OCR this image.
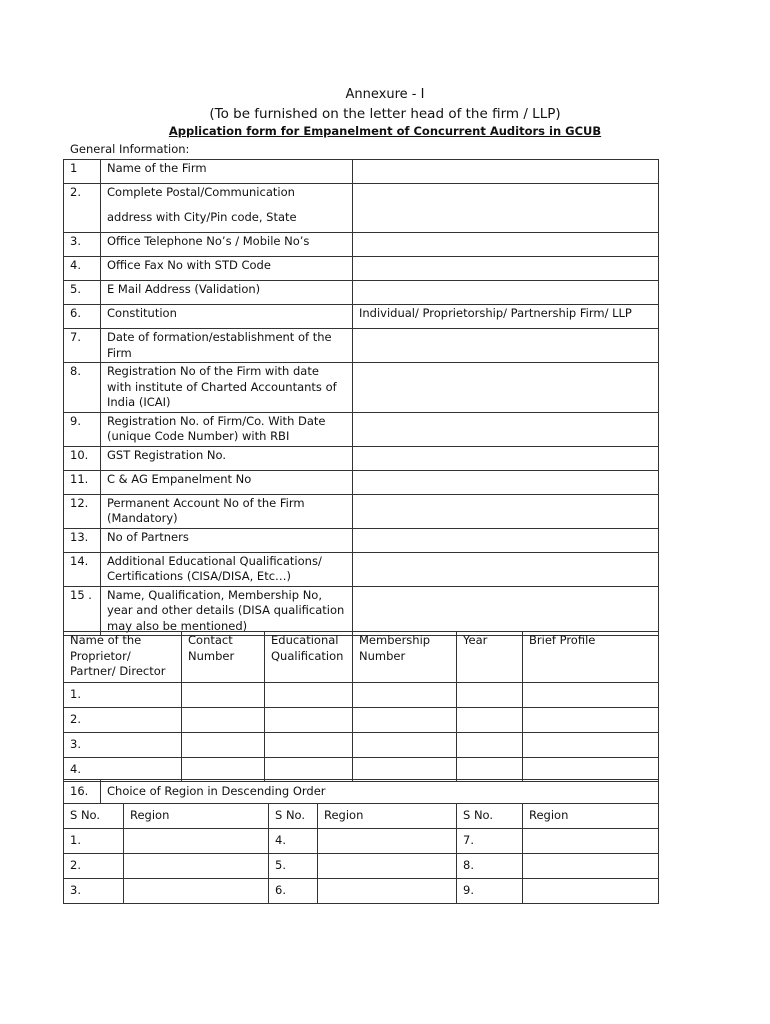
Annexure - I
(To be furnished on the letter head of the firm / LLP)
Application form for Empanelment of Concurrent Auditors in GCUB
General Information:
1	Name of the Firm	
2.	Complete Postal/Communication
address with City/Pin code, State	

3.	Office Telephone No’s / Mobile No’s	
4.	Office Fax No with STD Code	
5.	E Mail Address (Validation)	
6.	Constitution	Individual/ Proprietorship/ Partnership Firm/ LLP
7.	Date of formation/establishment of the Firm	
8.	Registration No of the Firm with date with institute of Charted Accountants of India (ICAI)	
9.	Registration No. of Firm/Co. With Date (unique Code Number) with RBI	
10.	GST Registration No.	
11.	C & AG Empanelment No	
12.	Permanent Account No of the Firm (Mandatory)	
13.	No of Partners	
14.	Additional Educational Qualifications/ Certifications (CISA/DISA, Etc…)	
15 .	Name, Qualification, Membership No, year and other details (DISA qualification may also be mentioned)	
Name of the Proprietor/ Partner/ Director	Contact Number	Educational Qualification	Membership Number	Year	Brief Profile
1.					
2.					
3.					
4.					
16.	Choice of Region in Descending Order					
S No.		Region	S No.	Region	S No.	Region
1.			4.		7.	
2.			5.		8.	
3.			6.		9.	
